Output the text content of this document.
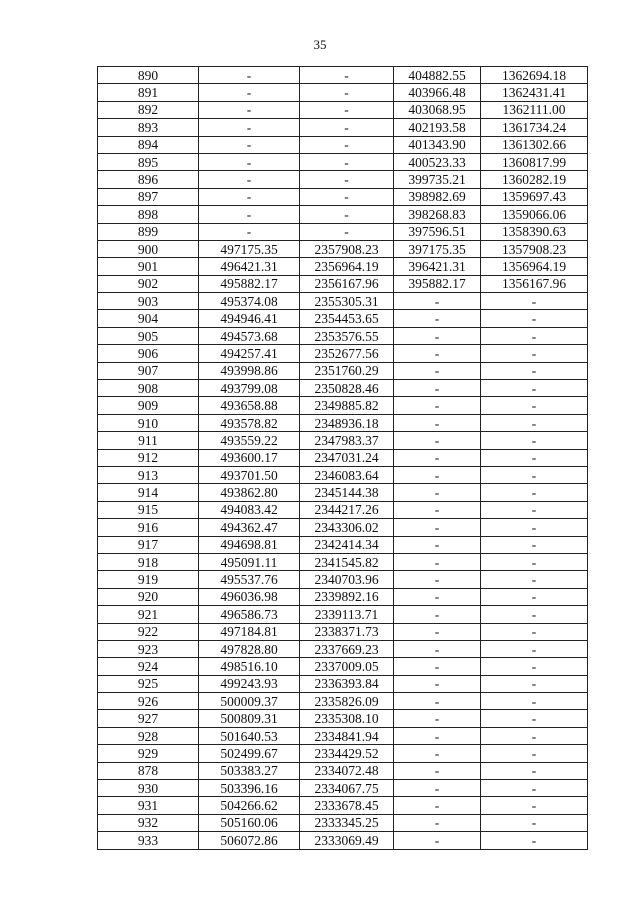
35
890	-	-	404882.55	1362694.18
891	-	-	403966.48	1362431.41
892	-	-	403068.95	1362111.00
893	-	-	402193.58	1361734.24
894	-	-	401343.90	1361302.66
895	-	-	400523.33	1360817.99
896	-	-	399735.21	1360282.19
897	-	-	398982.69	1359697.43
898	-	-	398268.83	1359066.06
899	-	-	397596.51	1358390.63
900	497175.35	2357908.23	397175.35	1357908.23
901	496421.31	2356964.19	396421.31	1356964.19
902	495882.17	2356167.96	395882.17	1356167.96
903	495374.08	2355305.31	-	-
904	494946.41	2354453.65	-	-
905	494573.68	2353576.55	-	-
906	494257.41	2352677.56	-	-
907	493998.86	2351760.29	-	-
908	493799.08	2350828.46	-	-
909	493658.88	2349885.82	-	-
910	493578.82	2348936.18	-	-
911	493559.22	2347983.37	-	-
912	493600.17	2347031.24	-	-
913	493701.50	2346083.64	-	-
914	493862.80	2345144.38	-	-
915	494083.42	2344217.26	-	-
916	494362.47	2343306.02	-	-
917	494698.81	2342414.34	-	-
918	495091.11	2341545.82	-	-
919	495537.76	2340703.96	-	-
920	496036.98	2339892.16	-	-
921	496586.73	2339113.71	-	-
922	497184.81	2338371.73	-	-
923	497828.80	2337669.23	-	-
924	498516.10	2337009.05	-	-
925	499243.93	2336393.84	-	-
926	500009.37	2335826.09	-	-
927	500809.31	2335308.10	-	-
928	501640.53	2334841.94	-	-
929	502499.67	2334429.52	-	-
878	503383.27	2334072.48	-	-
930	503396.16	2334067.75	-	-
931	504266.62	2333678.45	-	-
932	505160.06	2333345.25	-	-
933	506072.86	2333069.49	-	-
